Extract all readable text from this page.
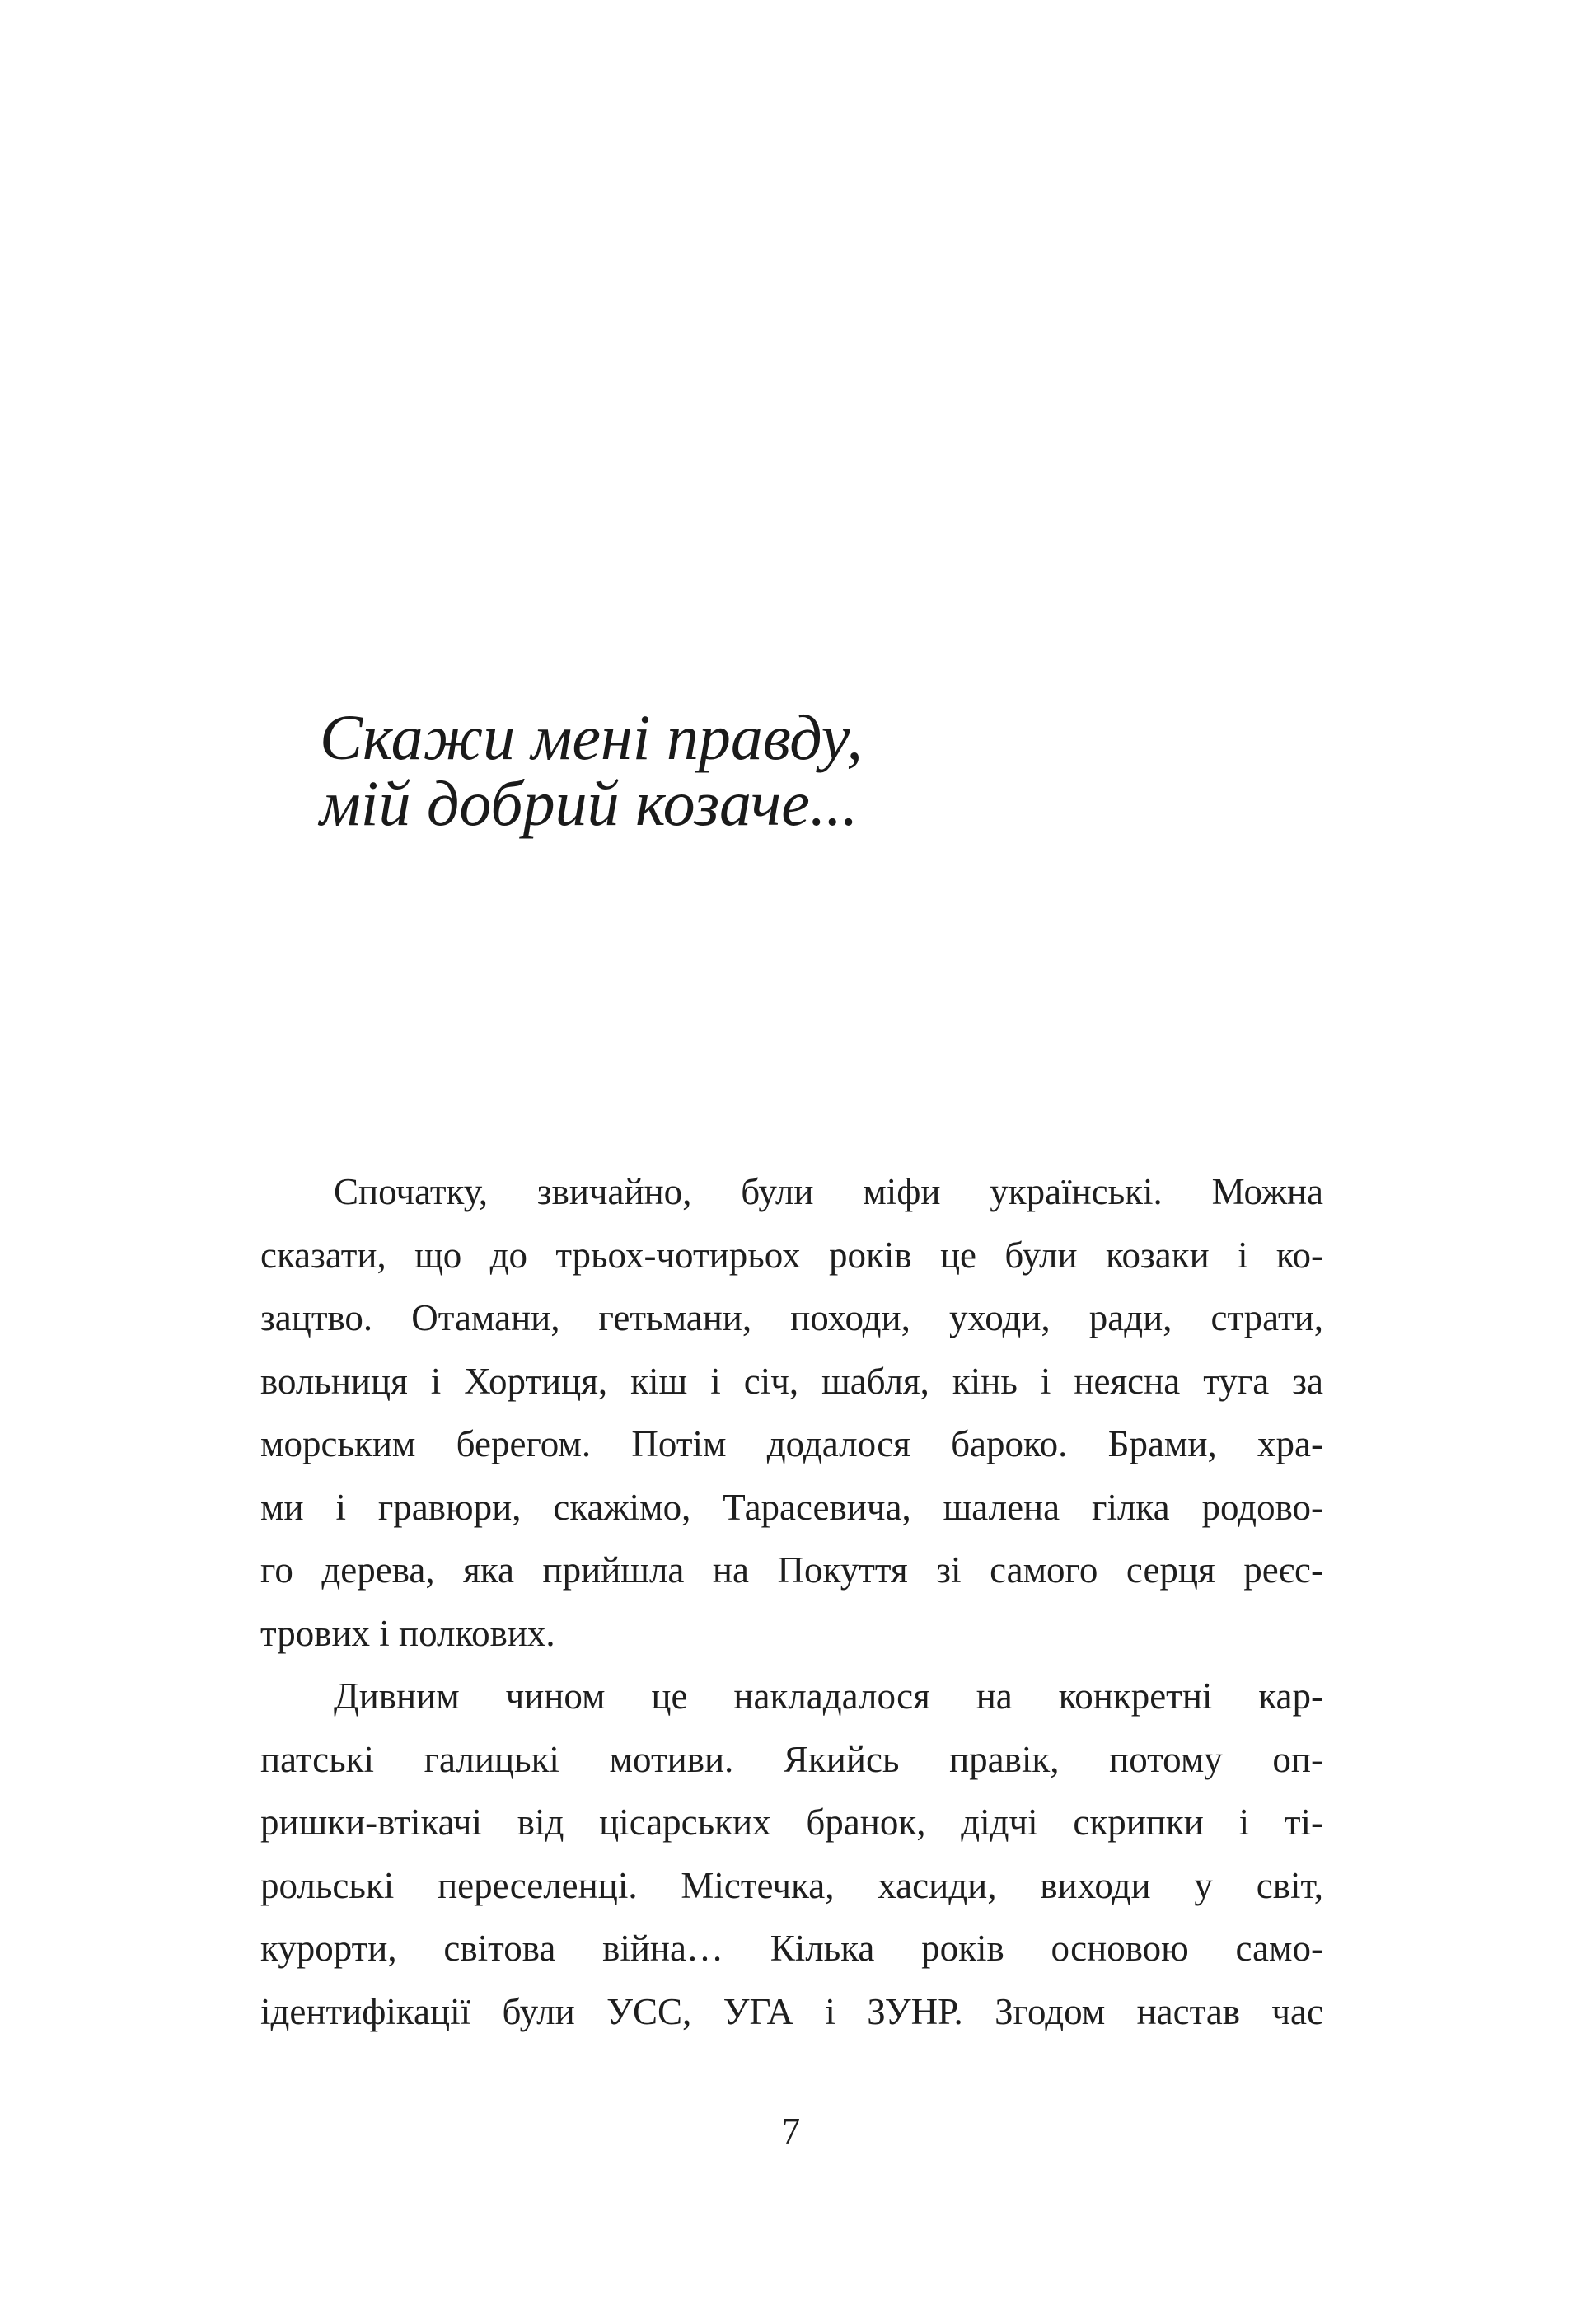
Скажи мені правду,
мій добрий козаче...
Спочатку, звичайно, були міфи українські. Можна
сказати, що до трьох-чотирьох років це були козаки і ко-
зацтво. Отамани, гетьмани, походи, уходи, ради, страти,
вольниця і Хортиця, кіш і січ, шабля, кінь і неясна туга за
морським берегом. Потім додалося бароко. Брами, хра-
ми і гравюри, скажімо, Тарасевича, шалена гілка родово-
го дерева, яка прийшла на Покуття зі самого серця реєс-
трових і полкових.
Дивним чином це накладалося на конкретні кар-
патські галицькі мотиви. Якийсь правік, потому оп-
ришки-втікачі від цісарських бранок, дідчі скрипки і ті-
рольські переселенці. Містечка, хасиди, виходи у світ,
курорти, світова війна… Кілька років основою само-
ідентифікації були УСС, УГА і ЗУНР. Згодом настав час
7
